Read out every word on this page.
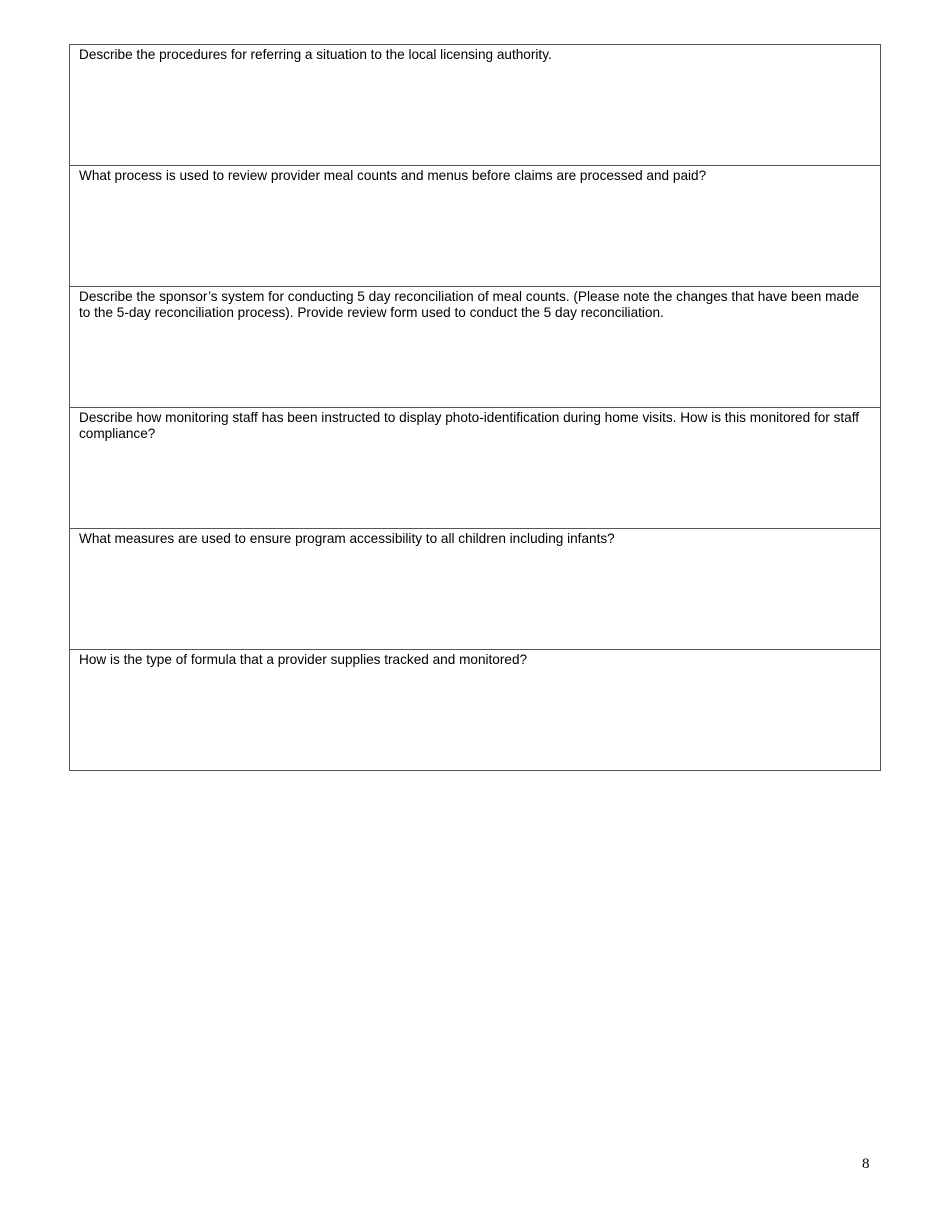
Describe the procedures for referring a situation to the local licensing authority.

What process is used to review provider meal counts and menus before claims are processed and paid?

Describe the sponsor’s system for conducting 5 day reconciliation of meal counts. (Please note the changes that have been made to the 5-day reconciliation process). Provide review form used to conduct the 5 day reconciliation.

Describe how monitoring staff has been instructed to display photo-identification during home visits. How is this monitored for staff compliance?

What measures are used to ensure program accessibility to all children including infants?

How is the type of formula that a provider supplies tracked and monitored?
8
